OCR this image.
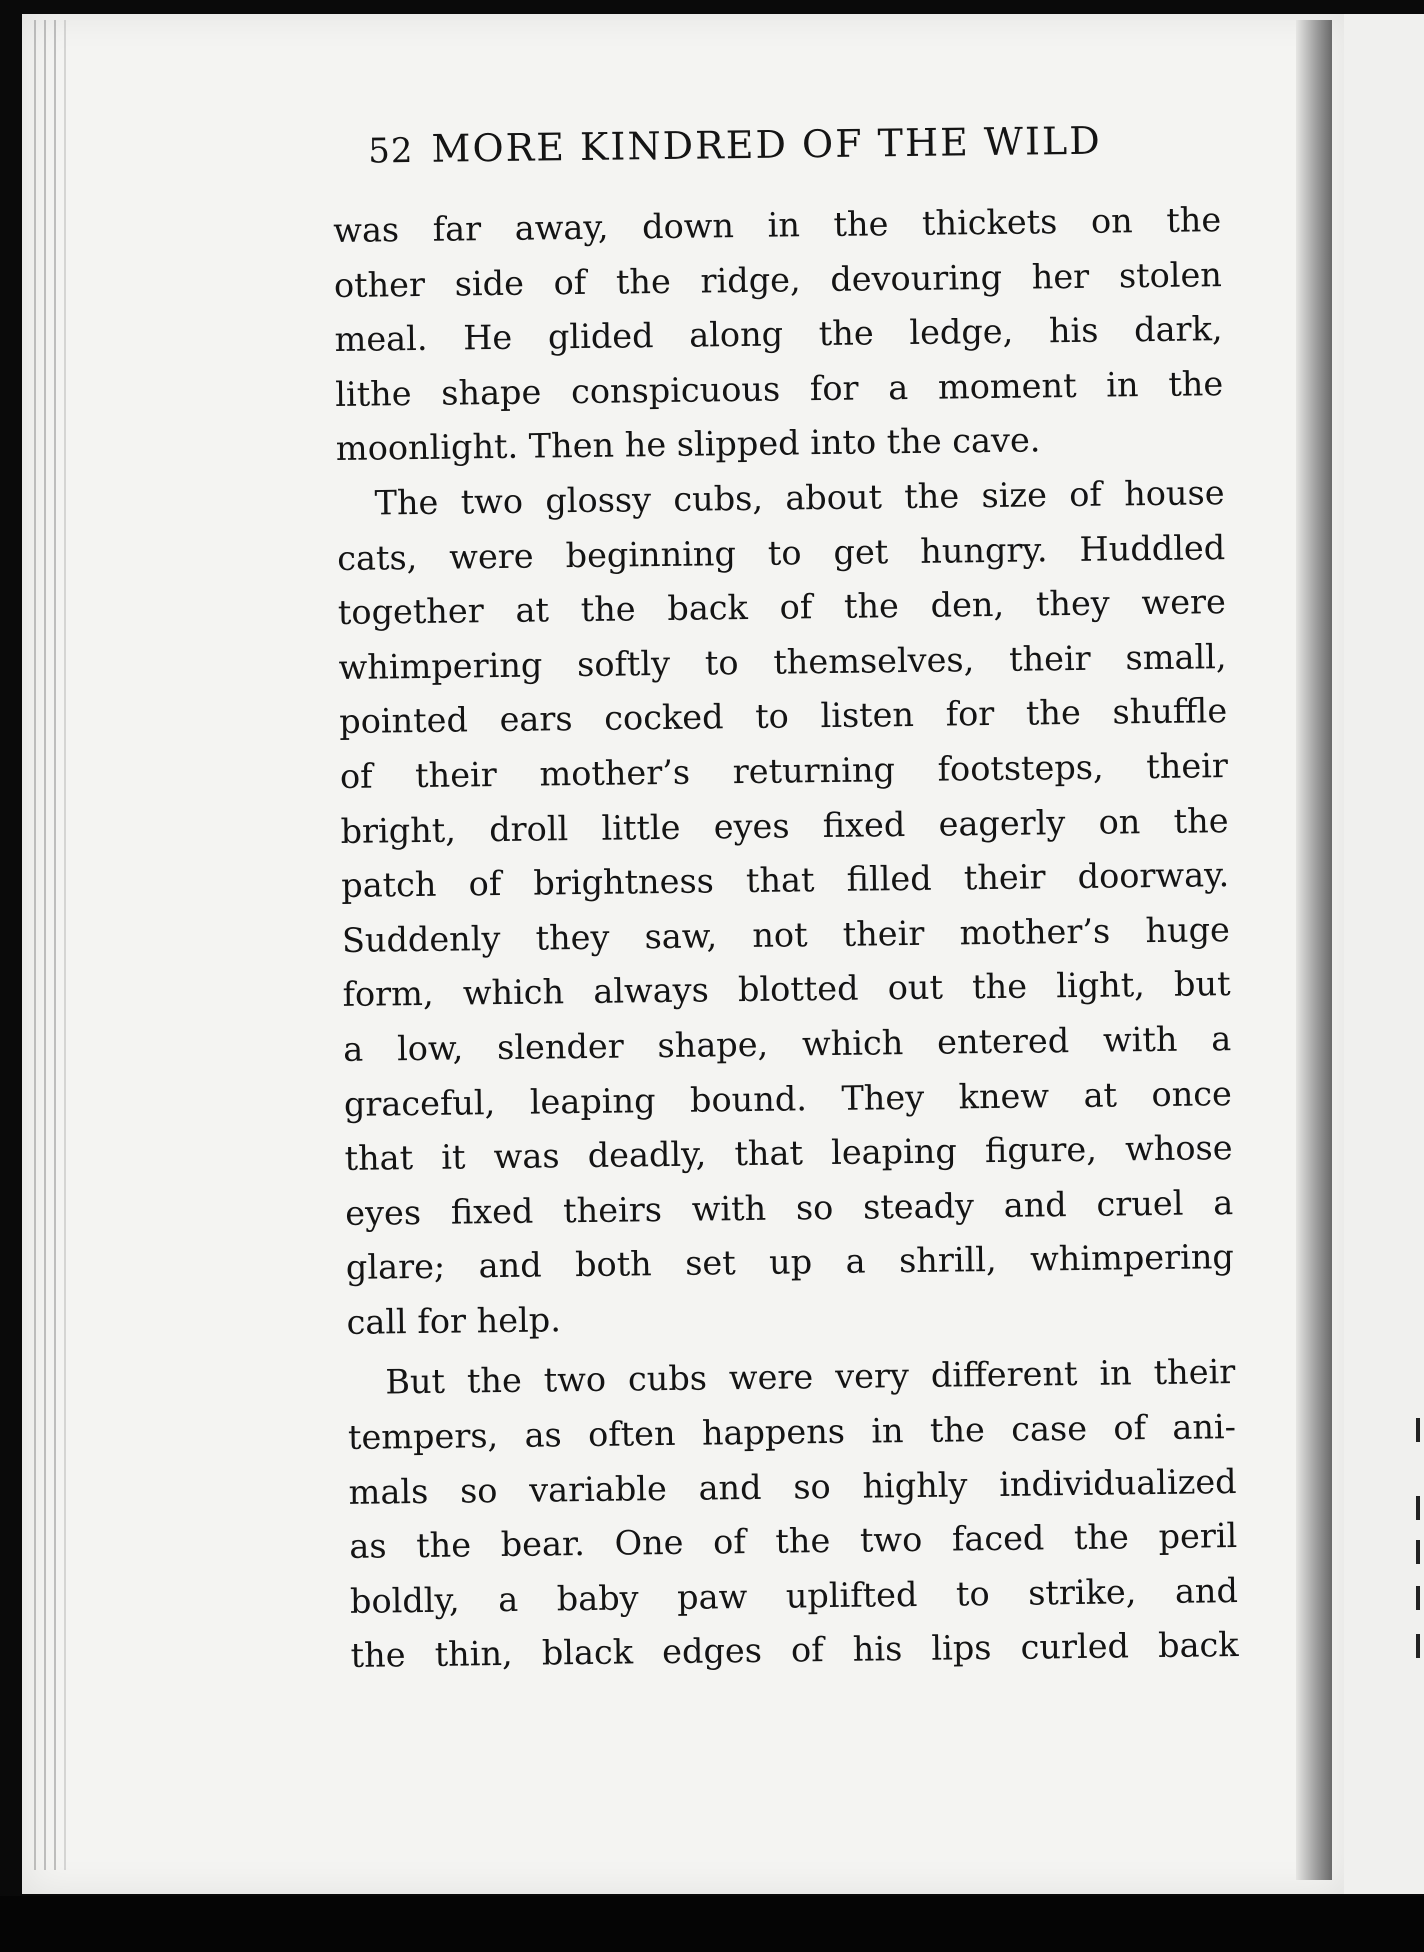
52 MORE KINDRED OF THE WILD
was far away, down in the thickets on the
other side of the ridge, devouring her stolen
meal. He glided along the ledge, his dark,
lithe shape conspicuous for a moment in the
moonlight. Then he slipped into the cave.
The two glossy cubs, about the size of house
cats, were beginning to get hungry. Huddled
together at the back of the den, they were
whimpering softly to themselves, their small,
pointed ears cocked to listen for the shuffle
of their mother’s returning footsteps, their
bright, droll little eyes fixed eagerly on the
patch of brightness that filled their doorway.
Suddenly they saw, not their mother’s huge
form, which always blotted out the light, but
a low, slender shape, which entered with a
graceful, leaping bound. They knew at once
that it was deadly, that leaping figure, whose
eyes fixed theirs with so steady and cruel a
glare; and both set up a shrill, whimpering
call for help.
But the two cubs were very different in their
tempers, as often happens in the case of ani-
mals so variable and so highly individualized
as the bear. One of the two faced the peril
boldly, a baby paw uplifted to strike, and
the thin, black edges of his lips curled back
